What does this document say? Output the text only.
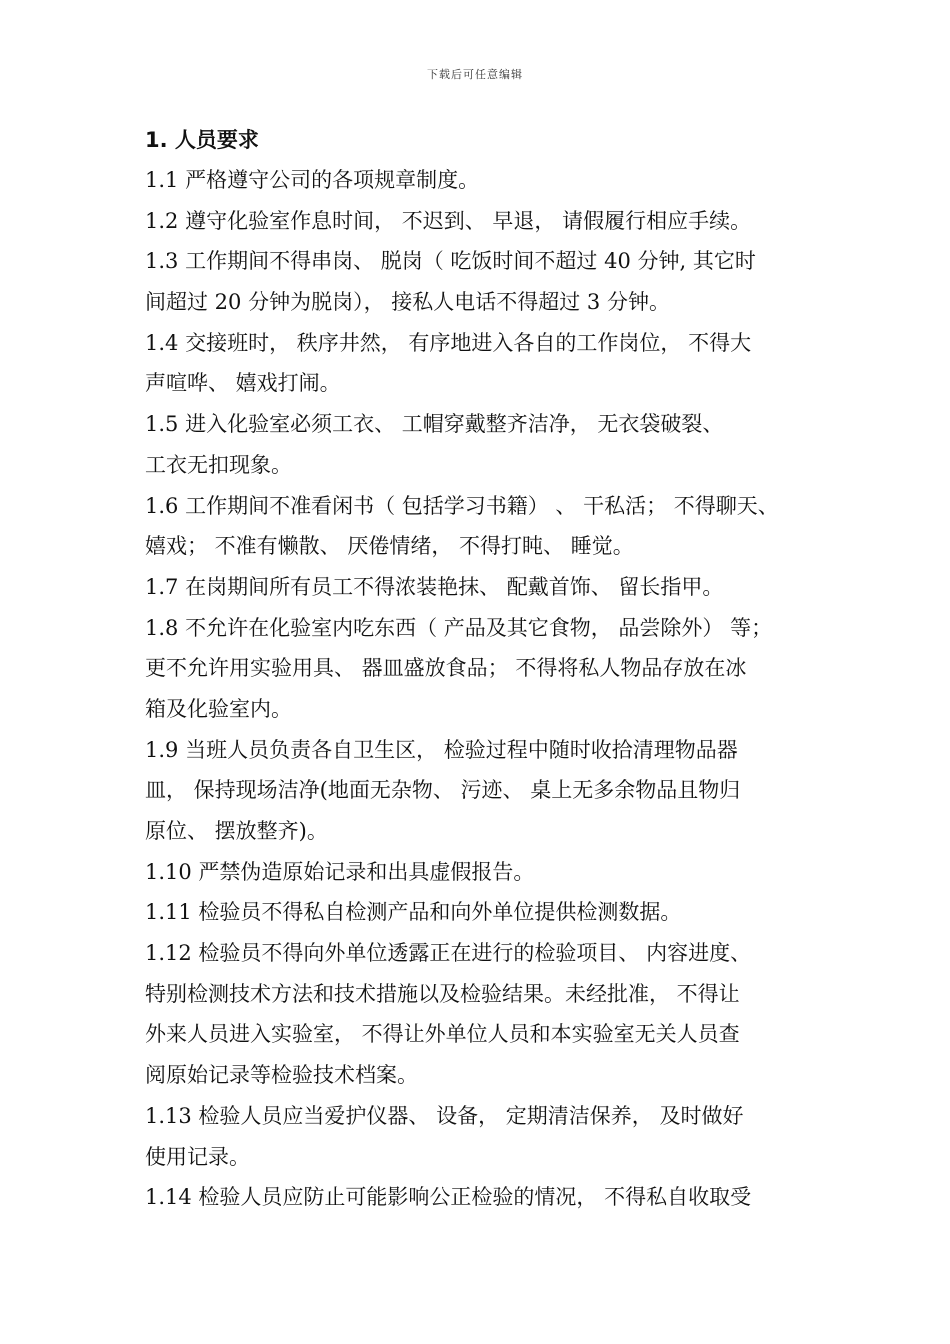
下载后可任意编辑
1. 人员要求
1.1 严格遵守公司的各项规章制度。
1.2 遵守化验室作息时间， 不迟到、 早退， 请假履行相应手续。
1.3 工作期间不得串岗、 脱岗（ 吃饭时间不超过 40 分钟, 其它时
间超过 20 分钟为脱岗）， 接私人电话不得超过 3 分钟。
1.4 交接班时， 秩序井然， 有序地进入各自的工作岗位， 不得大
声喧哗、 嬉戏打闹。
1.5 进入化验室必须工衣、 工帽穿戴整齐洁净， 无衣袋破裂、
工衣无扣现象。
1.6 工作期间不准看闲书（ 包括学习书籍） 、 干私活； 不得聊天、
嬉戏； 不准有懒散、 厌倦情绪， 不得打盹、 睡觉。
1.7 在岗期间所有员工不得浓装艳抹、 配戴首饰、 留长指甲。
1.8 不允许在化验室内吃东西（ 产品及其它食物， 品尝除外） 等；
更不允许用实验用具、 器皿盛放食品； 不得将私人物品存放在冰
箱及化验室内。
1.9 当班人员负责各自卫生区， 检验过程中随时收拾清理物品器
皿， 保持现场洁净(地面无杂物、 污迹、 桌上无多余物品且物归
原位、 摆放整齐)。
1.10 严禁伪造原始记录和出具虚假报告。
1.11 检验员不得私自检测产品和向外单位提供检测数据。
1.12 检验员不得向外单位透露正在进行的检验项目、 内容进度、
特别检测技术方法和技术措施以及检验结果。未经批准， 不得让
外来人员进入实验室， 不得让外单位人员和本实验室无关人员查
阅原始记录等检验技术档案。
1.13 检验人员应当爱护仪器、 设备， 定期清洁保养， 及时做好
使用记录。
1.14 检验人员应防止可能影响公正检验的情况， 不得私自收取受
